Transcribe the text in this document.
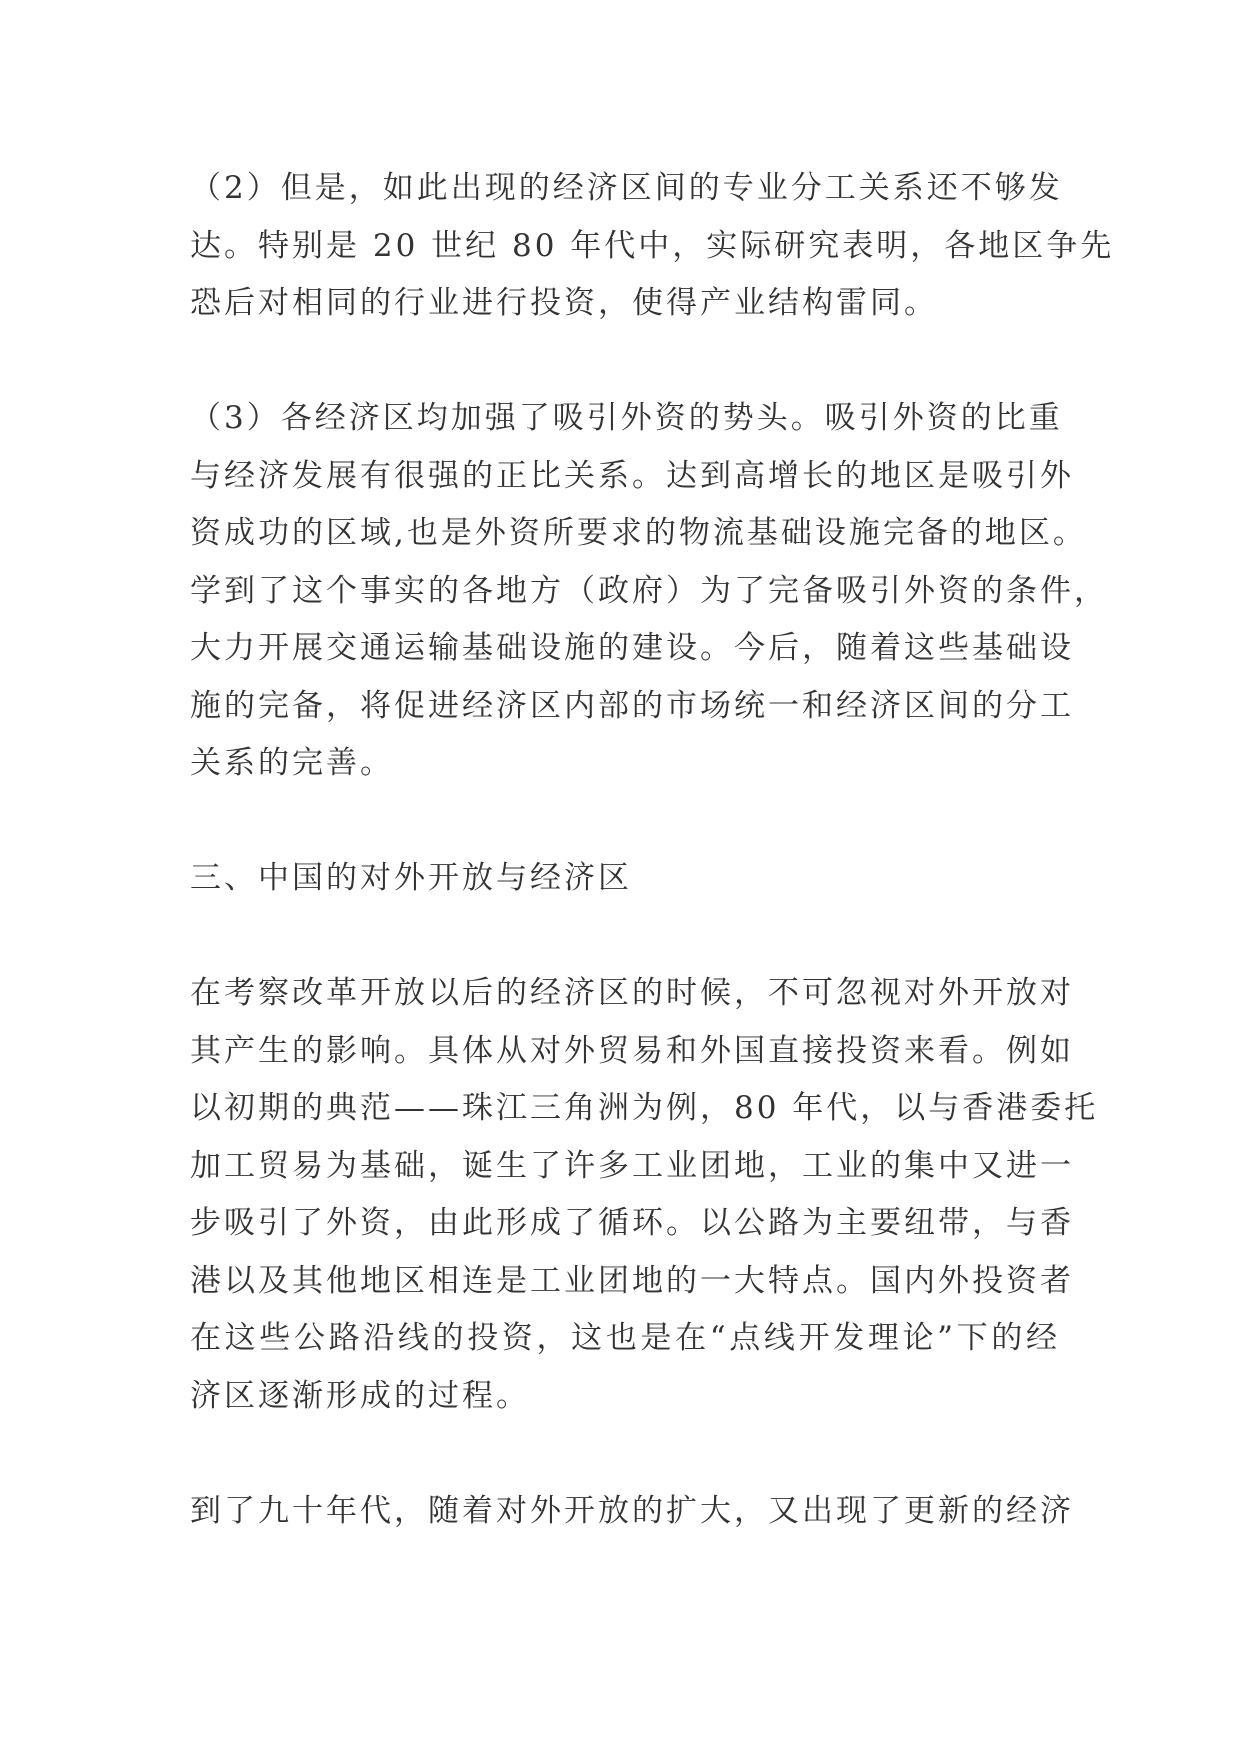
（2）但是，如此出现的经济区间的专业分工关系还不够发
达。特别是 20 世纪 80 年代中，实际研究表明，各地区争先
恐后对相同的行业进行投资，使得产业结构雷同。
（3）各经济区均加强了吸引外资的势头。吸引外资的比重
与经济发展有很强的正比关系。达到高增长的地区是吸引外
资成功的区域,也是外资所要求的物流基础设施完备的地区。
学到了这个事实的各地方（政府）为了完备吸引外资的条件，
大力开展交通运输基础设施的建设。今后，随着这些基础设
施的完备，将促进经济区内部的市场统一和经济区间的分工
关系的完善。
三、中国的对外开放与经济区
在考察改革开放以后的经济区的时候，不可忽视对外开放对
其产生的影响。具体从对外贸易和外国直接投资来看。例如
以初期的典范——珠江三角洲为例，80 年代，以与香港委托
加工贸易为基础，诞生了许多工业团地，工业的集中又进一
步吸引了外资，由此形成了循环。以公路为主要纽带，与香
港以及其他地区相连是工业团地的一大特点。国内外投资者
在这些公路沿线的投资，这也是在“点线开发理论”下的经
济区逐渐形成的过程。
到了九十年代，随着对外开放的扩大，又出现了更新的经济
